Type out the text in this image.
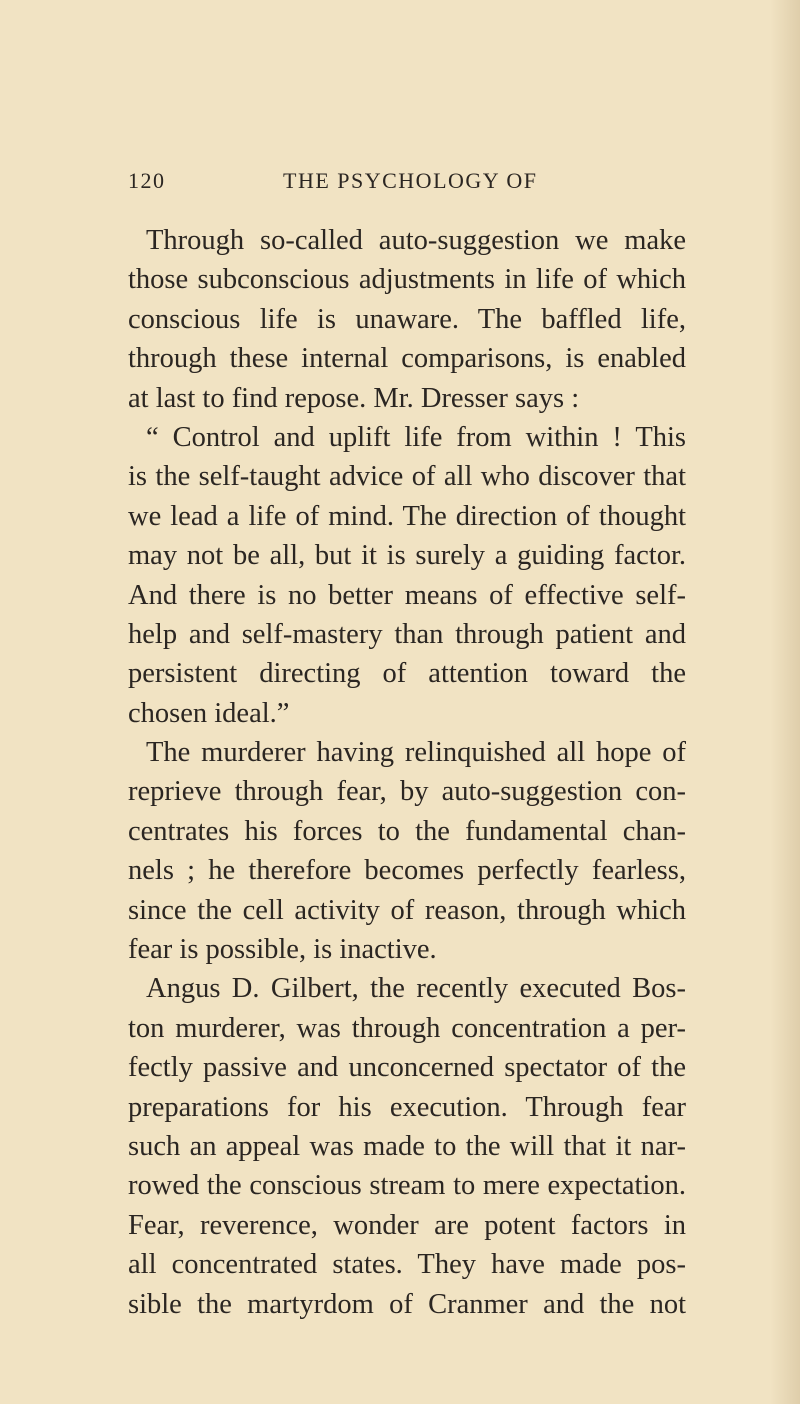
120	THE PSYCHOLOGY OF
Through so-called auto-suggestion we make
those subconscious adjustments in life of which
conscious life is unaware. The baffled life,
through these internal comparisons, is enabled
at last to find repose. Mr. Dresser says :
“ Control and uplift life from within ! This
is the self-taught advice of all who discover that
we lead a life of mind. The direction of thought
may not be all, but it is surely a guiding factor.
And there is no better means of effective self-
help and self-mastery than through patient and
persistent directing of attention toward the
chosen ideal.”
The murderer having relinquished all hope of
reprieve through fear, by auto-suggestion con-
centrates his forces to the fundamental chan-
nels ; he therefore becomes perfectly fearless,
since the cell activity of reason, through which
fear is possible, is inactive.
Angus D. Gilbert, the recently executed Bos-
ton murderer, was through concentration a per-
fectly passive and unconcerned spectator of the
preparations for his execution. Through fear
such an appeal was made to the will that it nar-
rowed the conscious stream to mere expectation.
Fear, reverence, wonder are potent factors in
all concentrated states. They have made pos-
sible the martyrdom of Cranmer and the not
